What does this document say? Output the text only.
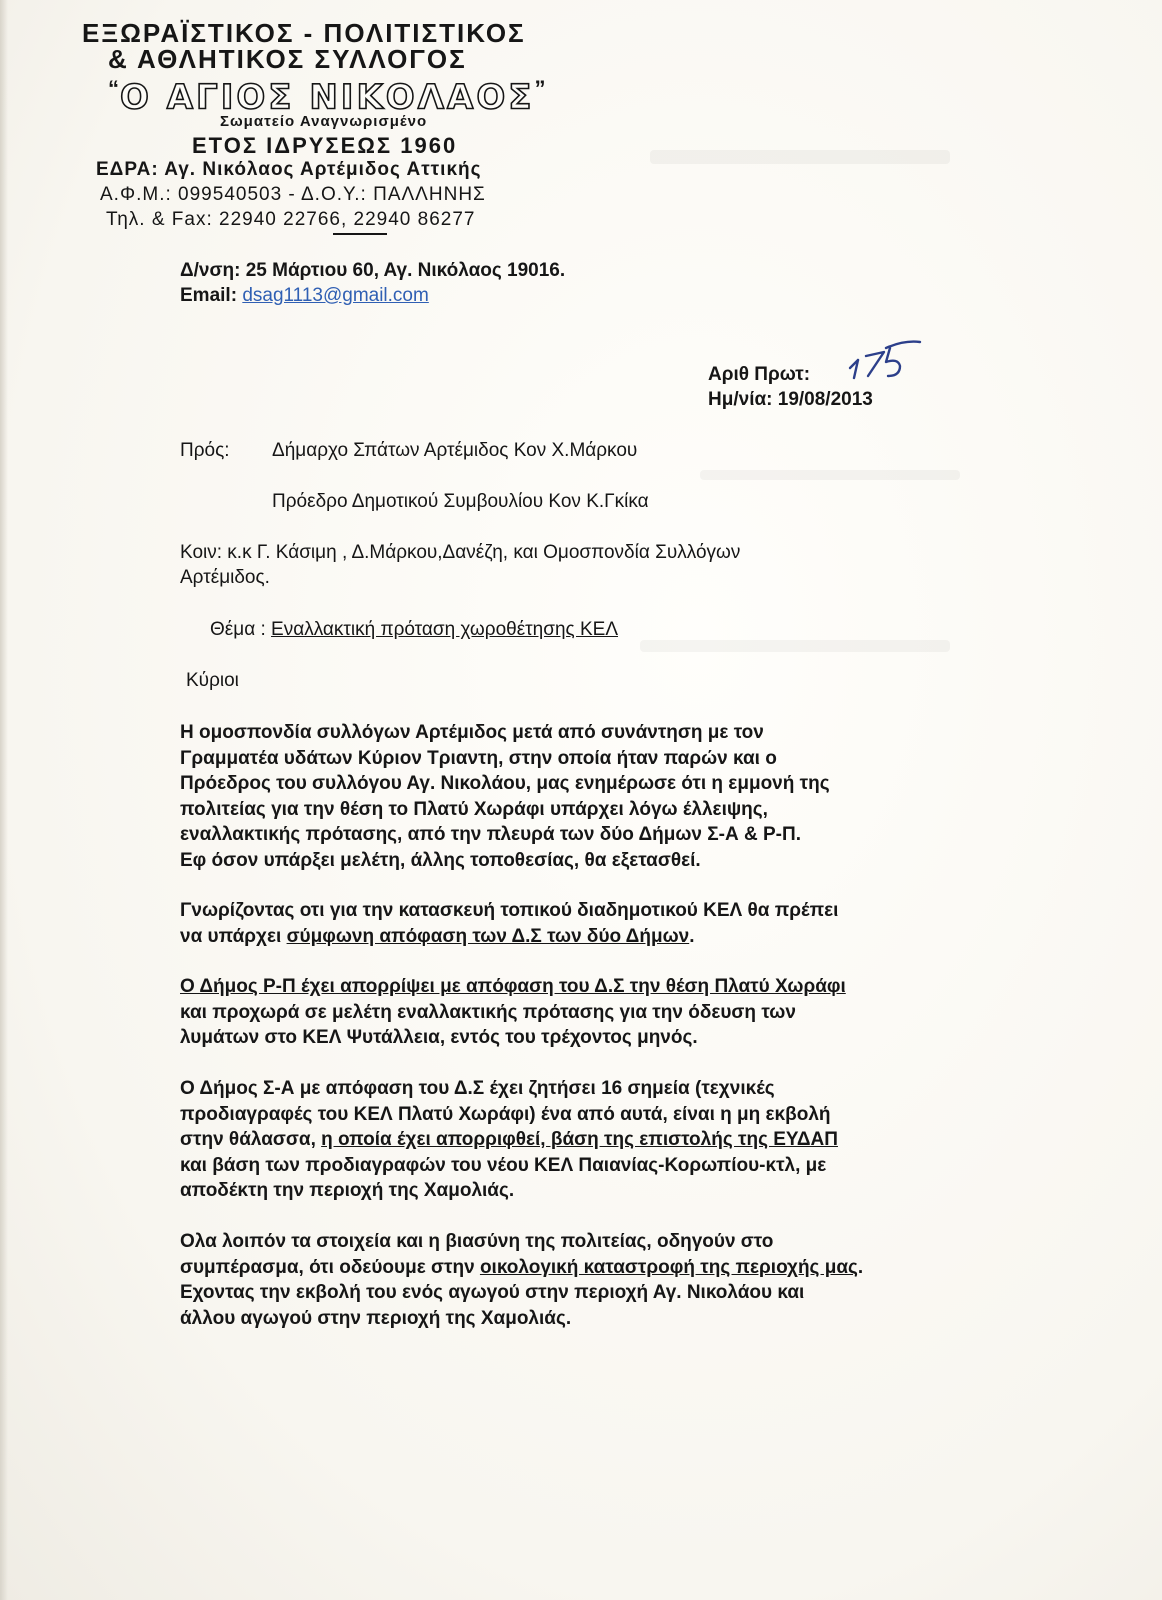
ΕΞΩΡΑΪΣΤΙΚΟΣ - ΠΟΛΙΤΙΣΤΙΚΟΣ
& ΑΘΛΗΤΙΚΟΣ ΣΥΛΛΟΓΟΣ
“Ο ΑΓΙΟΣ ΝΙΚΟΛΑΟΣ”
Σωματείο Αναγνωρισμένο
ΕΤΟΣ ΙΔΡΥΣΕΩΣ 1960
ΕΔΡΑ: Αγ. Νικόλαος Αρτέμιδος Αττικής
Α.Φ.Μ.: 099540503 - Δ.Ο.Υ.: ΠΑΛΛΗΝΗΣ
Τηλ. & Fax: 22940 22766, 22940 86277
Δ/νση: 25 Μάρτιου 60, Αγ. Νικόλαος 19016.
Email: dsag1113@gmail.com
Αριθ Πρωτ:
Ημ/νία: 19/08/2013
Πρός: Δήμαρχο Σπάτων Αρτέμιδος Κον Χ.Μάρκου
Πρόεδρο Δημοτικού Συμβουλίου Κον Κ.Γκίκα
Κοιν: κ.κ Γ. Κάσιμη , Δ.Μάρκου,Δανέζη, και Ομοσπονδία Συλλόγων
Αρτέμιδος.
Θέμα : Εναλλακτική πρόταση χωροθέτησης ΚΕΛ
Κύριοι
Η ομοσπονδία συλλόγων Αρτέμιδος μετά από συνάντηση με τον
Γραμματέα υδάτων Κύριον Τριαντη, στην οποία ήταν παρών και ο
Πρόεδρος του συλλόγου Αγ. Νικολάου, μας ενημέρωσε ότι η εμμονή της
πολιτείας για την θέση το Πλατύ Χωράφι υπάρχει λόγω έλλειψης,
εναλλακτικής πρότασης, από την πλευρά των δύο Δήμων Σ-Α & Ρ-Π.
Εφ όσον υπάρξει μελέτη, άλλης τοποθεσίας, θα εξετασθεί.
Γνωρίζοντας οτι για την κατασκευή τοπικού διαδημοτικού ΚΕΛ θα πρέπει
να υπάρχει σύμφωνη απόφαση των Δ.Σ των δύο Δήμων.
Ο Δήμος Ρ-Π έχει απορρίψει με απόφαση του Δ.Σ την θέση Πλατύ Χωράφι
και προχωρά σε μελέτη εναλλακτικής πρότασης για την όδευση των
λυμάτων στο ΚΕΛ Ψυτάλλεια, εντός του τρέχοντος μηνός.
Ο Δήμος Σ-Α με απόφαση του Δ.Σ έχει ζητήσει 16 σημεία (τεχνικές
προδιαγραφές του ΚΕΛ Πλατύ Χωράφι) ένα από αυτά, είναι η μη εκβολή
στην θάλασσα, η οποία έχει απορριφθεί, βάση της επιστολής της ΕΥΔΑΠ
και βάση των προδιαγραφών του νέου ΚΕΛ Παιανίας-Κορωπίου-κτλ, με
αποδέκτη την περιοχή της Χαμολιάς.
Ολα λοιπόν τα στοιχεία και η βιασύνη της πολιτείας, οδηγούν στο
συμπέρασμα, ότι οδεύουμε στην οικολογική καταστροφή της περιοχής μας.
Εχοντας την εκβολή του ενός αγωγού στην περιοχή Αγ. Νικολάου και
άλλου αγωγού στην περιοχή της Χαμολιάς.
